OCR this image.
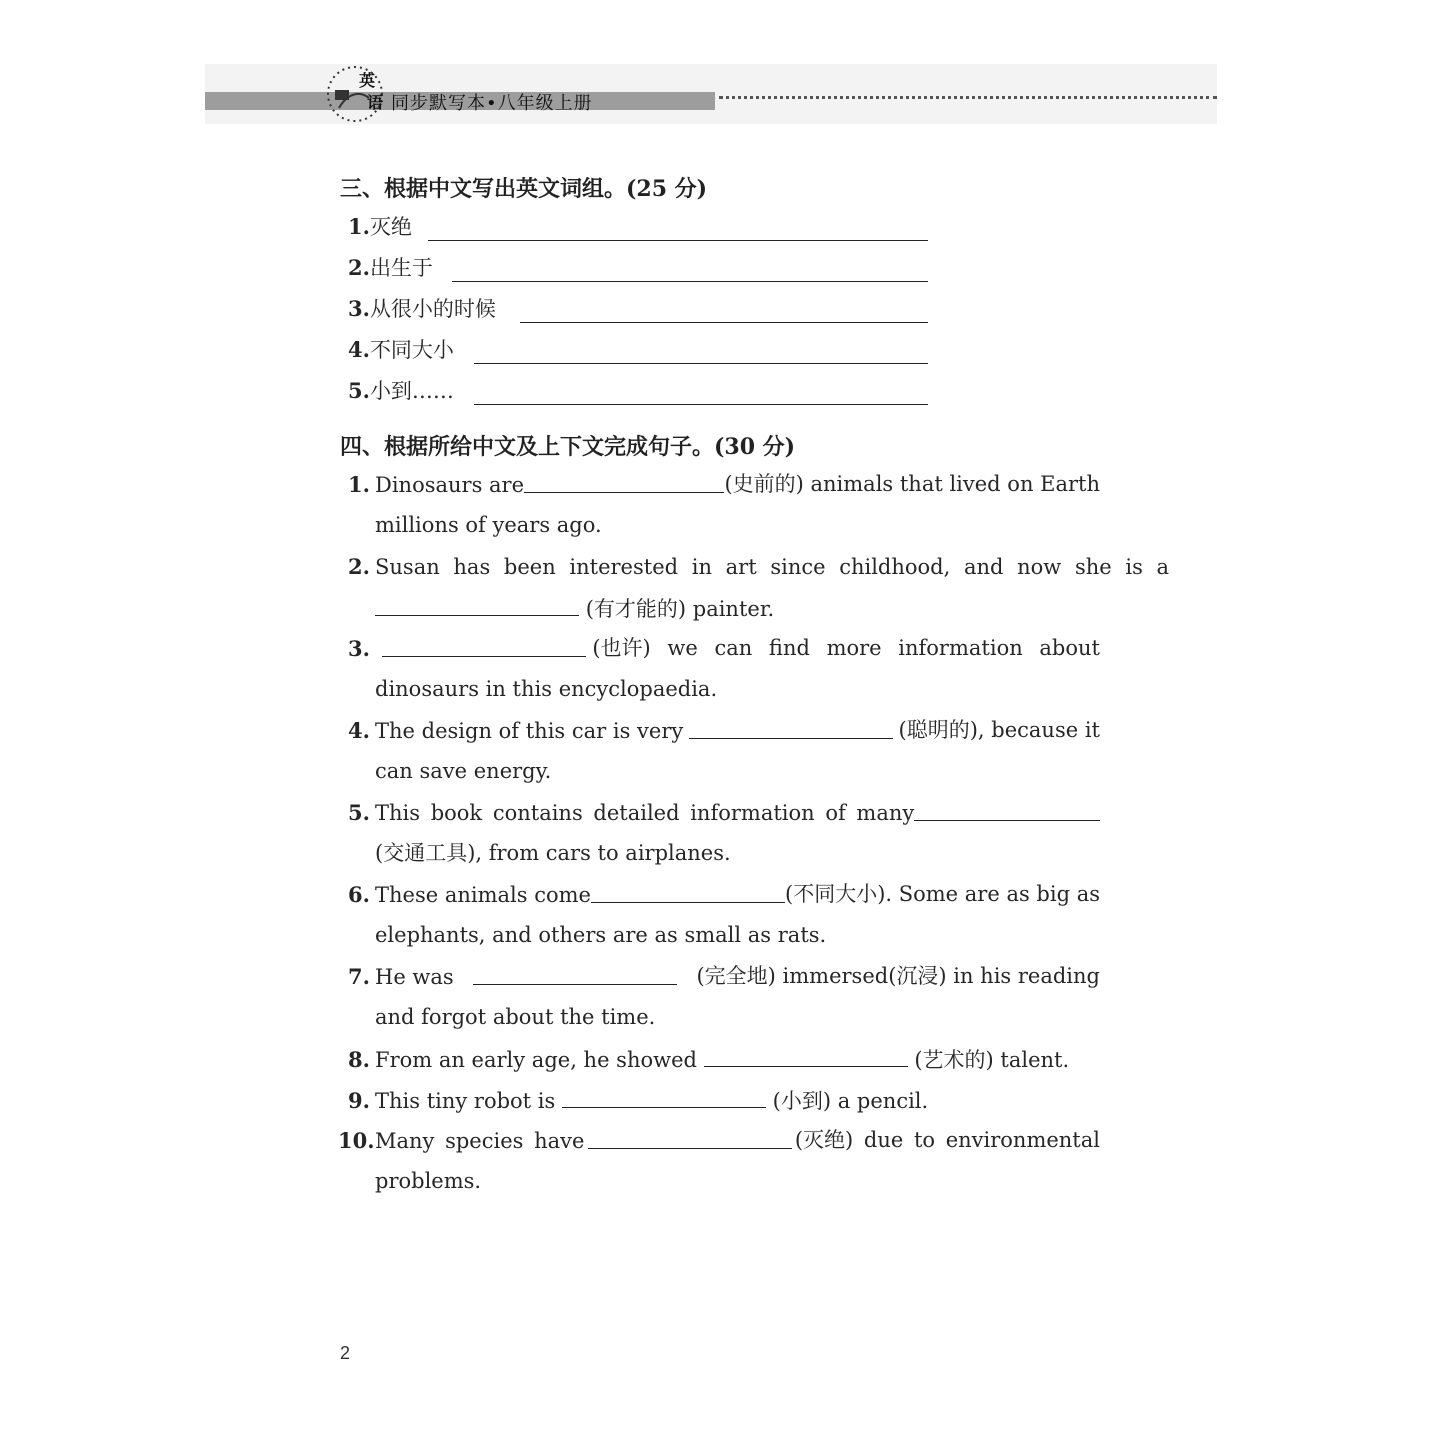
英
语 同步默写本•八年级上册
三、根据中文写出英文词组。(25 分)
1.灭绝
2.出生于
3.从很小的时候
4.不同大小
5.小到……
四、根据所给中文及上下文完成句子。(30 分)
1. Dinosaurs are	(史前的) animals that lived on Earth
millions of years ago.
2. Susan has been interested in art since childhood, and now she is a
(有才能的) painter.
3.	(也许) we can find more information about
dinosaurs in this encyclopaedia.
4. The design of this car is very	(聪明的), because it
can save energy.
5. This book contains detailed information of many
(交通工具), from cars to airplanes.
6. These animals come	(不同大小). Some are as big as
elephants, and others are as small as rats.
7. He was	(完全地) immersed(沉浸) in his reading
and forgot about the time.
8. From an early age, he showed	(艺术的) talent.
9. This tiny robot is	(小到) a pencil.
10.Many species have	(灭绝) due to environmental
problems.
2
